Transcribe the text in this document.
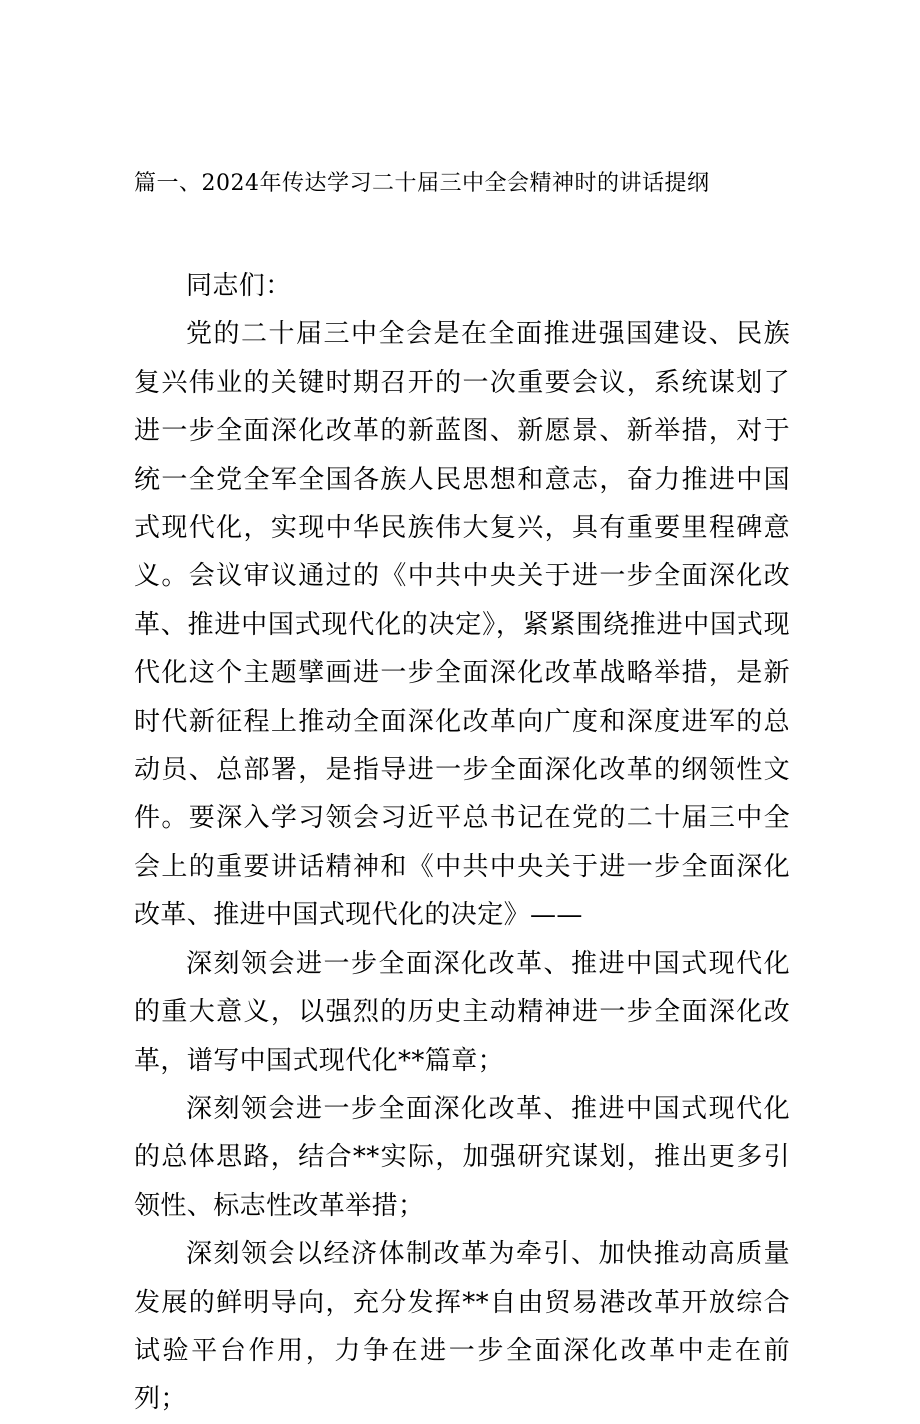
篇一、2024年传达学习二十届三中全会精神时的讲话提纲

同志们：

党的二十届三中全会是在全面推进强国建设、民族复兴伟业的关键时期召开的一次重要会议，系统谋划了进一步全面深化改革的新蓝图、新愿景、新举措，对于统一全党全军全国各族人民思想和意志，奋力推进中国式现代化，实现中华民族伟大复兴，具有重要里程碑意义。会议审议通过的《中共中央关于进一步全面深化改革、推进中国式现代化的决定》，紧紧围绕推进中国式现代化这个主题擘画进一步全面深化改革战略举措，是新时代新征程上推动全面深化改革向广度和深度进军的总动员、总部署，是指导进一步全面深化改革的纲领性文件。要深入学习领会习近平总书记在党的二十届三中全会上的重要讲话精神和《中共中央关于进一步全面深化改革、推进中国式现代化的决定》——

深刻领会进一步全面深化改革、推进中国式现代化的重大意义，以强烈的历史主动精神进一步全面深化改革，谱写中国式现代化**篇章；

深刻领会进一步全面深化改革、推进中国式现代化的总体思路，结合**实际，加强研究谋划，推出更多引领性、标志性改革举措；

深刻领会以经济体制改革为牵引、加快推动高质量发展的鲜明导向，充分发挥**自由贸易港改革开放综合试验平台作用，力争在进一步全面深化改革中走在前列；
